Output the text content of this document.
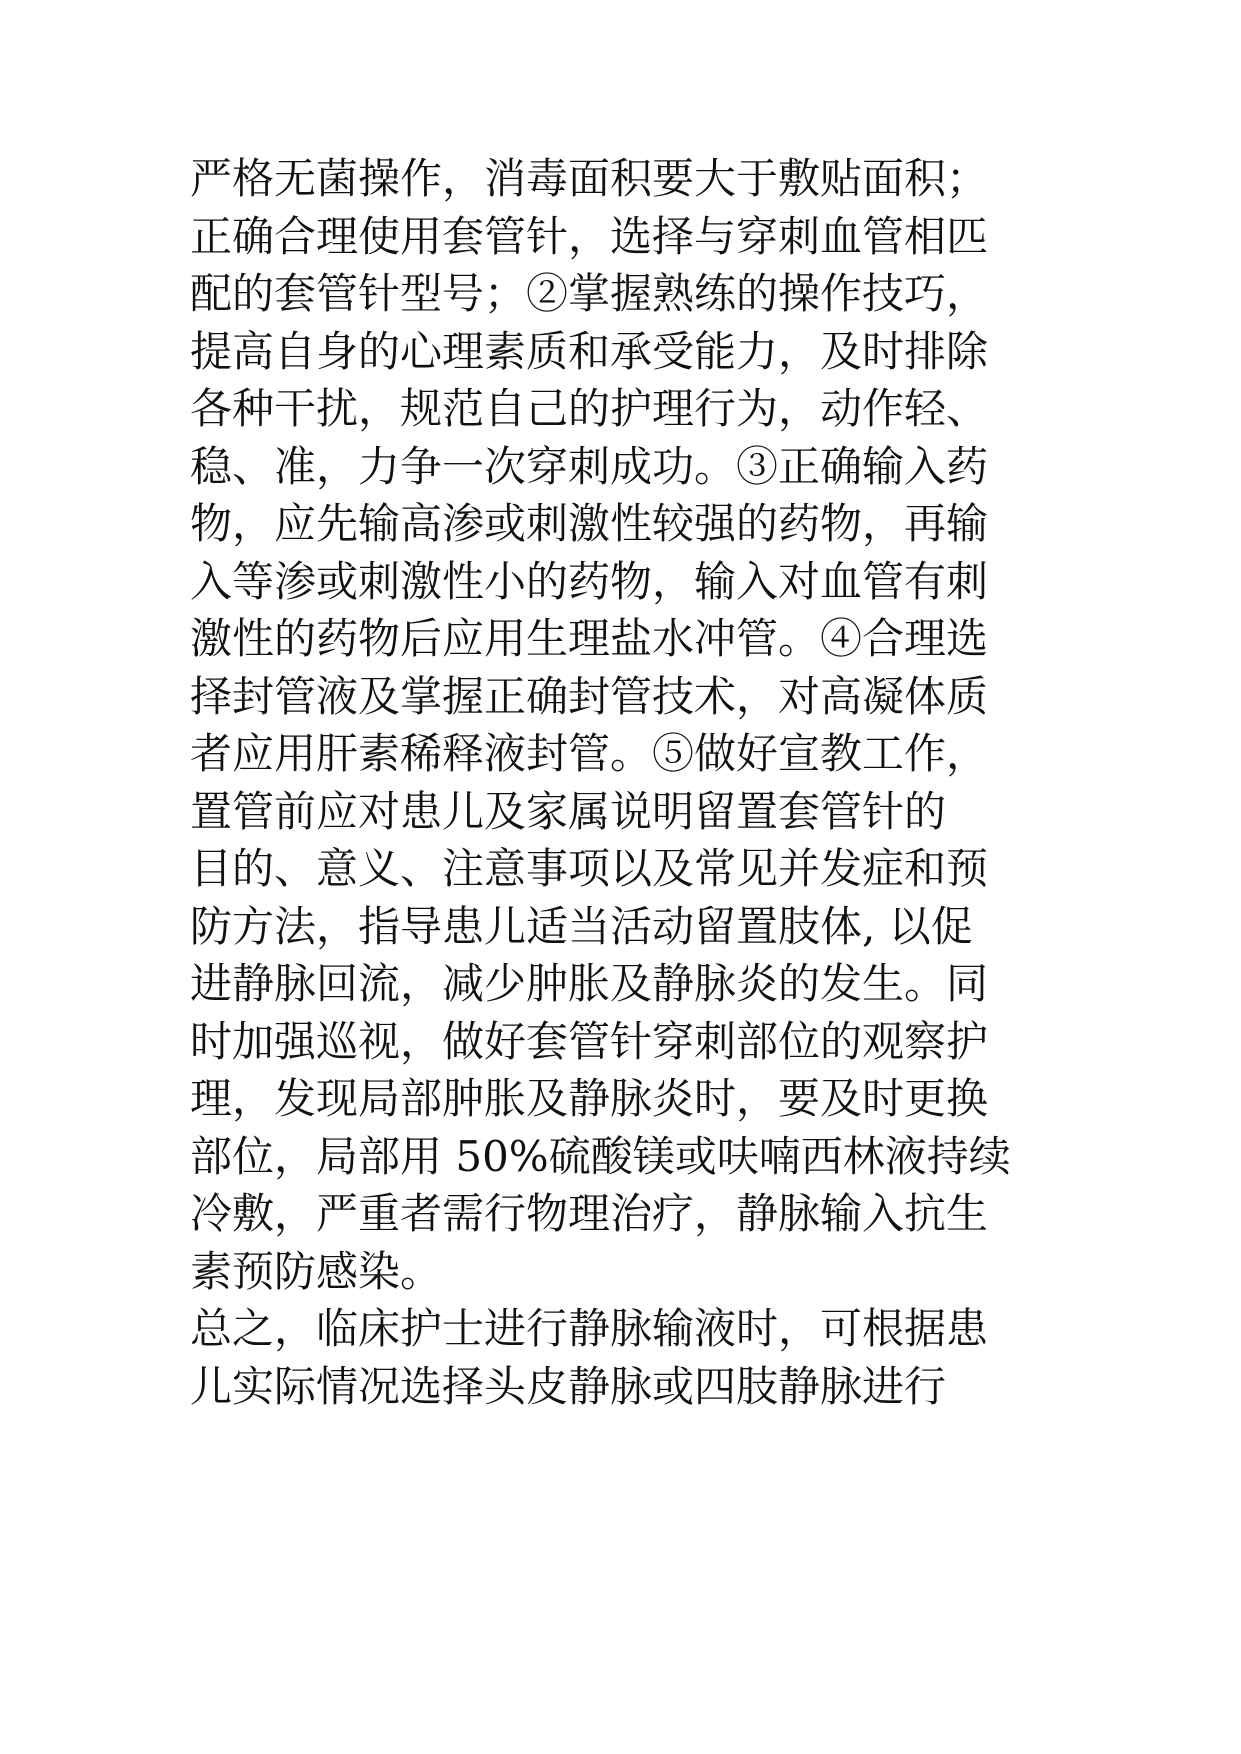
严格无菌操作，消毒面积要大于敷贴面积；
正确合理使用套管针，选择与穿刺血管相匹
配的套管针型号；②掌握熟练的操作技巧，
提高自身的心理素质和承受能力，及时排除
各种干扰，规范自己的护理行为，动作轻、
稳、准，力争一次穿刺成功。③正确输入药
物，应先输高渗或刺激性较强的药物，再输
入等渗或刺激性小的药物，输入对血管有刺
激性的药物后应用生理盐水冲管。④合理选
择封管液及掌握正确封管技术，对高凝体质
者应用肝素稀释液封管。⑤做好宣教工作，
置管前应对患儿及家属说明留置套管针的
目的、意义、注意事项以及常见并发症和预
防方法，指导患儿适当活动留置肢体, 以促
进静脉回流，减少肿胀及静脉炎的发生。同
时加强巡视，做好套管针穿刺部位的观察护
理，发现局部肿胀及静脉炎时，要及时更换
部位，局部用 50%硫酸镁或呋喃西林液持续
冷敷，严重者需行物理治疗，静脉输入抗生
素预防感染。
总之，临床护士进行静脉输液时，可根据患
儿实际情况选择头皮静脉或四肢静脉进行
